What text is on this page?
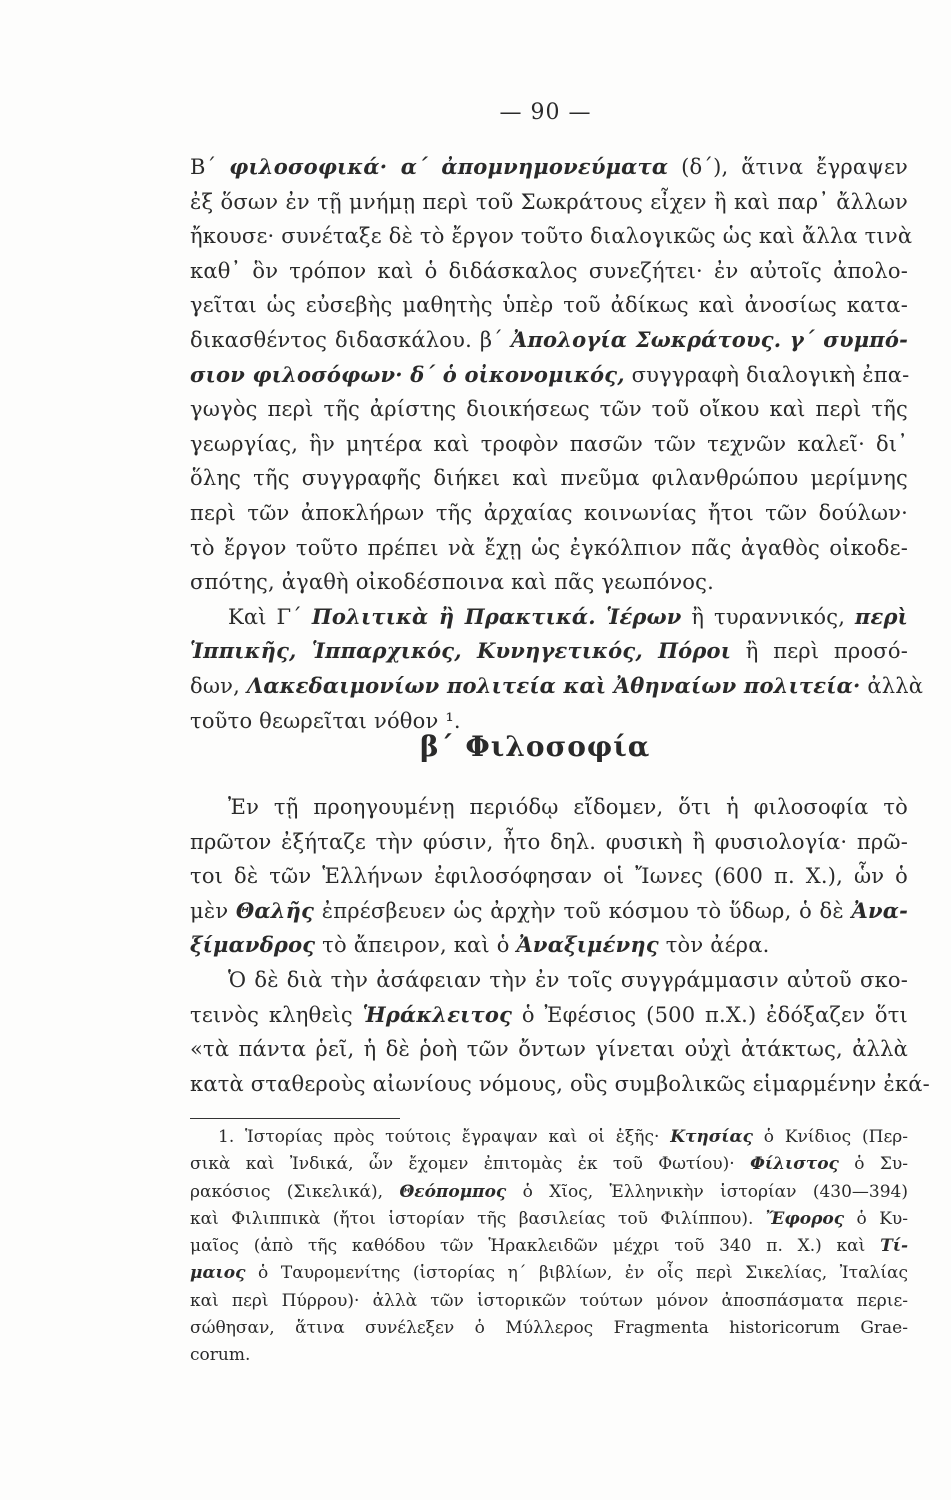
— 90 —
Β΄ φιλοσοφικά· α΄ ἀπομνημονεύματα (δ΄), ἅτινα ἔγραψεν
ἐξ ὅσων ἐν τῇ μνήμῃ περὶ τοῦ Σωκράτους εἶχεν ἢ καὶ παρ᾽ ἄλλων
ἤκουσε· συνέταξε δὲ τὸ ἔργον τοῦτο διαλογικῶς ὡς καὶ ἄλλα τινὰ
καθ᾽ ὃν τρόπον καὶ ὁ διδάσκαλος συνεζήτει· ἐν αὐτοῖς ἀπολο-
γεῖται ὡς εὐσεβὴς μαθητὴς ὑπὲρ τοῦ ἀδίκως καὶ ἀνοσίως κατα-
δικασθέντος διδασκάλου. β΄ Ἀπολογία Σωκράτους. γ΄ συμπό-
σιον φιλοσόφων· δ΄ ὁ οἰκονομικός, συγγραφὴ διαλογικὴ ἐπα-
γωγὸς περὶ τῆς ἀρίστης διοικήσεως τῶν τοῦ οἴκου καὶ περὶ τῆς
γεωργίας, ἣν μητέρα καὶ τροφὸν πασῶν τῶν τεχνῶν καλεῖ· δι᾽
ὅλης τῆς συγγραφῆς διήκει καὶ πνεῦμα φιλανθρώπου μερίμνης
περὶ τῶν ἀποκλήρων τῆς ἀρχαίας κοινωνίας ἤτοι τῶν δούλων·
τὸ ἔργον τοῦτο πρέπει νὰ ἔχῃ ὡς ἐγκόλπιον πᾶς ἀγαθὸς οἰκοδε-
σπότης, ἀγαθὴ οἰκοδέσποινα καὶ πᾶς γεωπόνος.
Καὶ Γ΄ Πολιτικὰ ἢ Πρακτικά. Ἱέρων ἢ τυραννικός, περὶ
Ἱππικῆς, Ἱππαρχικός, Κυνηγετικός, Πόροι ἢ περὶ προσό-
δων, Λακεδαιμονίων πολιτεία καὶ Ἀθηναίων πολιτεία· ἀλλὰ
τοῦτο θεωρεῖται νόθον ¹.
β΄ Φιλοσοφία
Ἐν τῇ προηγουμένῃ περιόδῳ εἴδομεν, ὅτι ἡ φιλοσοφία τὸ
πρῶτον ἐξήταζε τὴν φύσιν, ἦτο δηλ. φυσικὴ ἢ φυσιολογία· πρῶ-
τοι δὲ τῶν Ἑλλήνων ἐφιλοσόφησαν οἱ Ἴωνες (600 π. Χ.), ὧν ὁ
μὲν Θαλῆς ἐπρέσβευεν ὡς ἀρχὴν τοῦ κόσμου τὸ ὕδωρ, ὁ δὲ Ἀνα-
ξίμανδρος τὸ ἄπειρον, καὶ ὁ Ἀναξιμένης τὸν ἀέρα.
Ὁ δὲ διὰ τὴν ἀσάφειαν τὴν ἐν τοῖς συγγράμμασιν αὐτοῦ σκο-
τεινὸς κληθεὶς Ἡράκλειτος ὁ Ἐφέσιος (500 π.Χ.) ἐδόξαζεν ὅτι
«τὰ πάντα ῥεῖ, ἡ δὲ ῥοὴ τῶν ὄντων γίνεται οὐχὶ ἀτάκτως, ἀλλὰ
κατὰ σταθεροὺς αἰωνίους νόμους, οὓς συμβολικῶς εἱμαρμένην ἐκά-
1. Ἱστορίας πρὸς τούτοις ἔγραψαν καὶ οἱ ἑξῆς· Κτησίας ὁ Κνίδιος (Περ-
σικὰ καὶ Ἰνδικά, ὧν ἔχομεν ἐπιτομὰς ἐκ τοῦ Φωτίου)· Φίλιστος ὁ Συ-
ρακόσιος (Σικελικά), Θεόπομπος ὁ Χῖος, Ἑλληνικὴν ἱστορίαν (430—394)
καὶ Φιλιππικὰ (ἤτοι ἱστορίαν τῆς βασιλείας τοῦ Φιλίππου). Ἔφορος ὁ Κυ-
μαῖος (ἀπὸ τῆς καθόδου τῶν Ἡρακλειδῶν μέχρι τοῦ 340 π. Χ.) καὶ Τί-
μαιος ὁ Ταυρομενίτης (ἱστορίας η΄ βιβλίων, ἐν οἷς περὶ Σικελίας, Ἰταλίας
καὶ περὶ Πύρρου)· ἀλλὰ τῶν ἱστορικῶν τούτων μόνον ἀποσπάσματα περιε-
σώθησαν, ἅτινα συνέλεξεν ὁ Μύλλερος Fragmenta historicorum Grae-
corum.
